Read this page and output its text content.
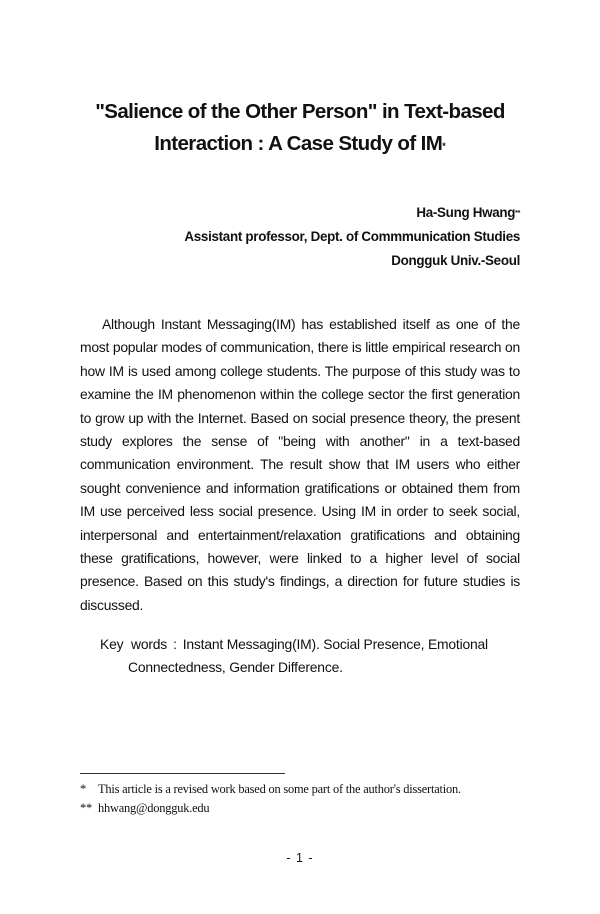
"Salience of the Other Person" in Text-based
Interaction : A Case Study of IM*
Ha-Sung Hwang**
Assistant professor, Dept. of Commmunication Studies
Dongguk Univ.-Seoul

Although Instant Messaging(IM) has established itself as one of the most popular modes of communication, there is little empirical research on how IM is used among college students. The purpose of this study was to examine the IM phenomenon within the college sector the first generation to grow up with the Internet. Based on social presence theory, the present study explores the sense of "being with another" in a text-based communication environment. The result show that IM users who either sought convenience and information gratifications or obtained them from IM use perceived less social presence. Using IM in order to seek social, interpersonal and entertainment/relaxation gratifications and obtaining these gratifications, however, were linked to a higher level of social presence. Based on this study's findings, a direction for future studies is discussed.

Key words : Instant Messaging(IM). Social Presence, Emotional
Connectedness, Gender Difference.

* This article is a revised work based on some part of the author's dissertation.
** hhwang@dongguk.edu
- 1 -
